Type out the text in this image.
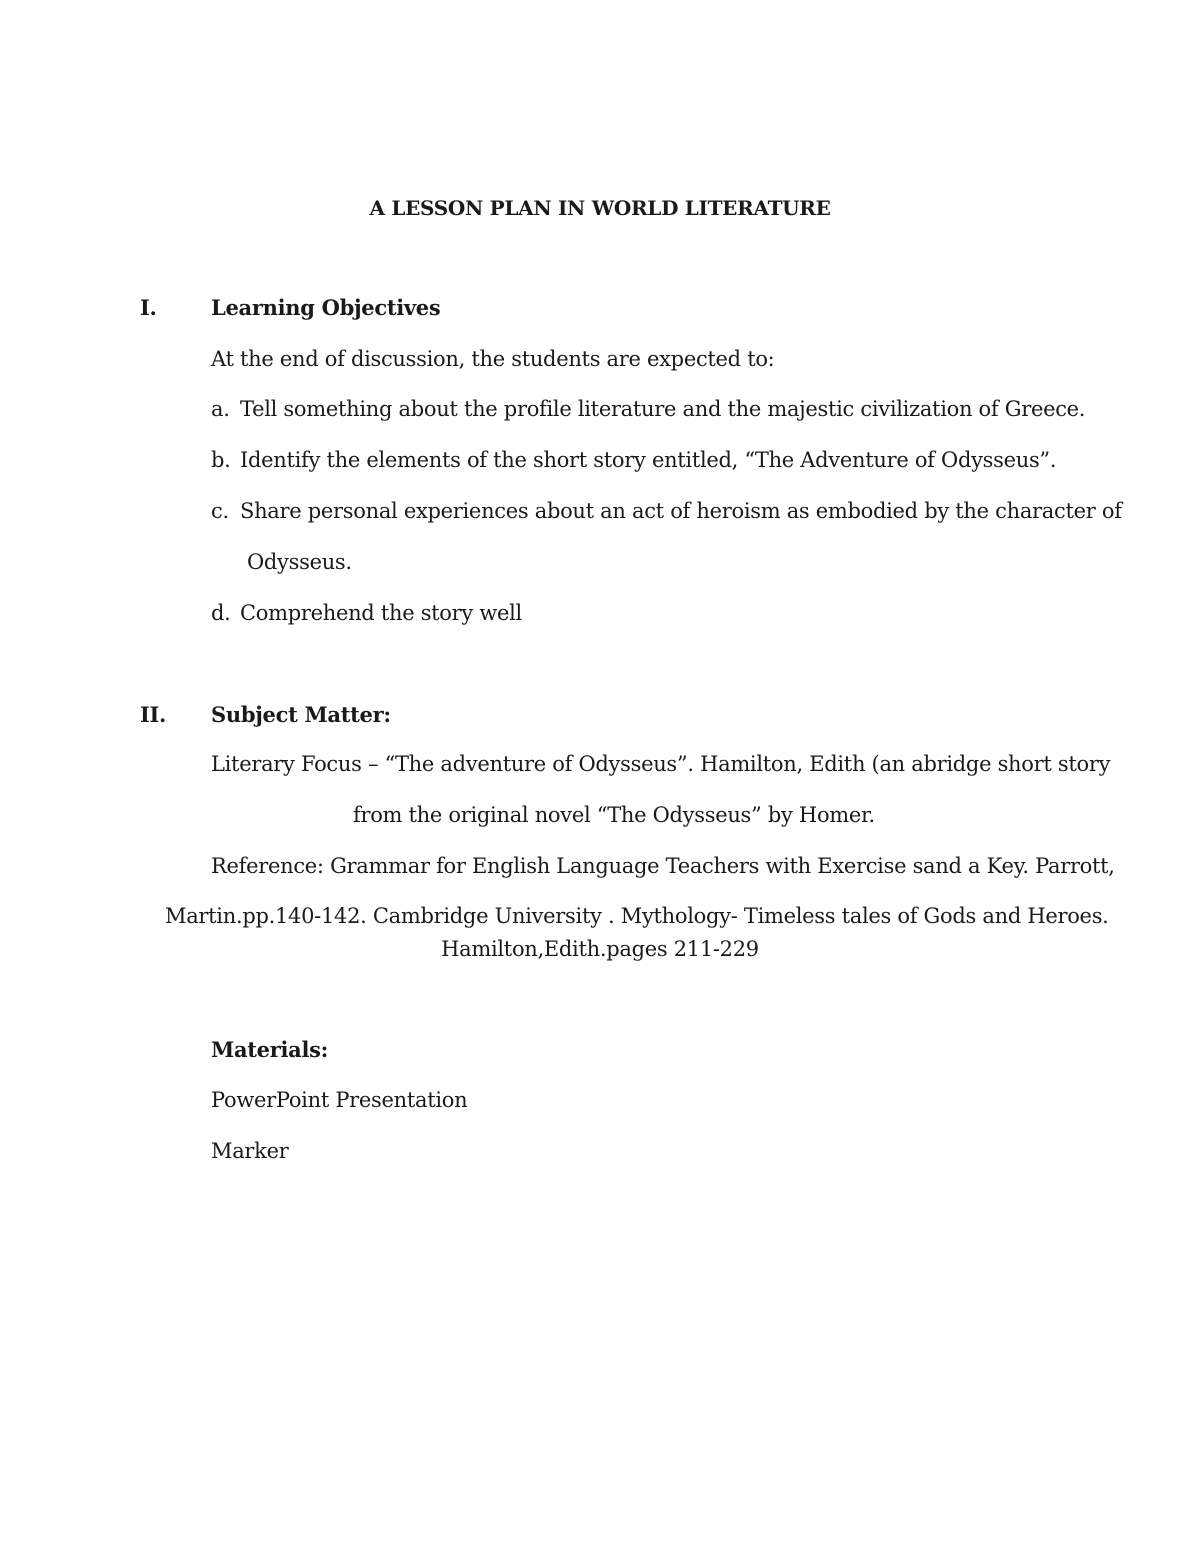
A LESSON PLAN IN WORLD LITERATURE
I.	Learning Objectives
At the end of discussion, the students are expected to:
a. Tell something about the profile literature and the majestic civilization of Greece.
b. Identify the elements of the short story entitled, “The Adventure of Odysseus”.
c. Share personal experiences about an act of heroism as embodied by the character of
Odysseus.
d. Comprehend the story well
II. Subject Matter:
Literary Focus – “The adventure of Odysseus”. Hamilton, Edith (an abridge short story
from the original novel “The Odysseus” by Homer.
Reference: Grammar for English Language Teachers with Exercise sand a Key. Parrott,
Martin.pp.140-142. Cambridge University . Mythology- Timeless tales of Gods and Heroes.
Hamilton,Edith.pages 211-229
Materials:
PowerPoint Presentation
Marker
